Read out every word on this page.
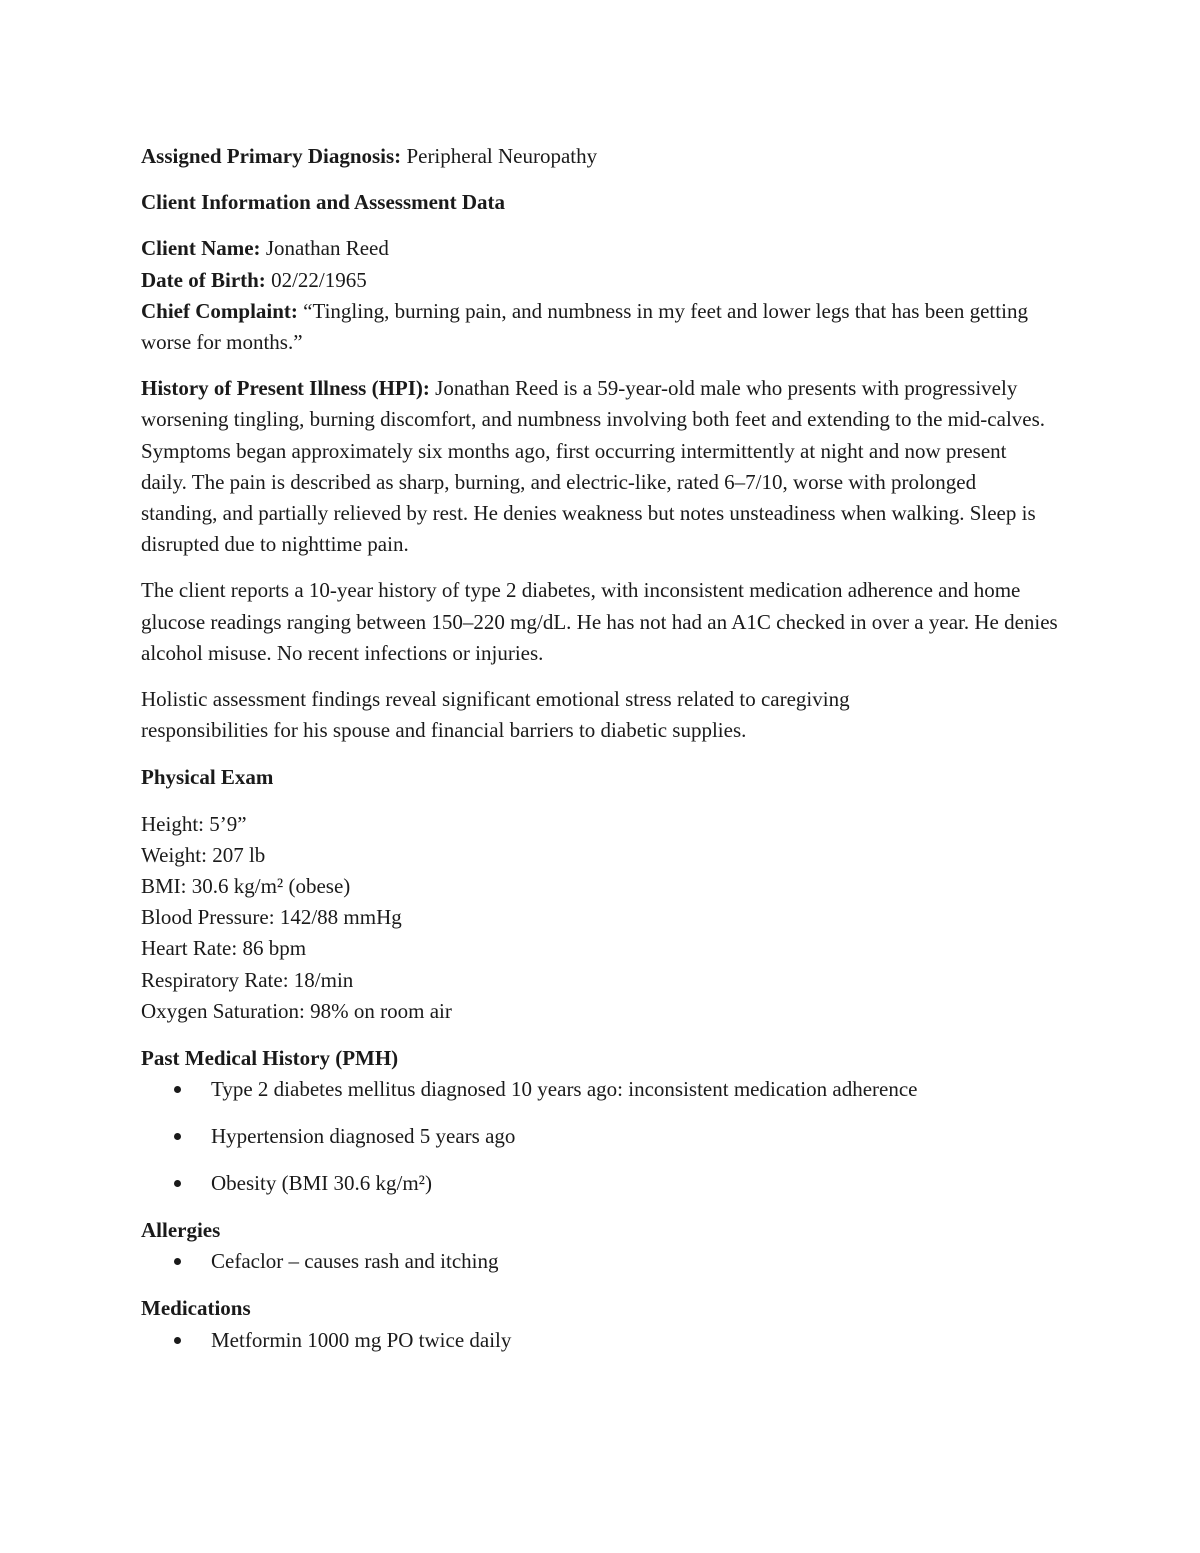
Assigned Primary Diagnosis: Peripheral Neuropathy

Client Information and Assessment Data

Client Name: Jonathan Reed

Date of Birth: 02/22/1965

Chief Complaint: “Tingling, burning pain, and numbness in my feet and lower legs that has been getting worse for months.”

History of Present Illness (HPI): Jonathan Reed is a 59-year-old male who presents with progressively worsening tingling, burning discomfort, and numbness involving both feet and extending to the mid-calves. Symptoms began approximately six months ago, first occurring intermittently at night and now present daily. The pain is described as sharp, burning, and electric-like, rated 6–7/10, worse with prolonged standing, and partially relieved by rest. He denies weakness but notes unsteadiness when walking. Sleep is disrupted due to nighttime pain.

The client reports a 10-year history of type 2 diabetes, with inconsistent medication adherence and home glucose readings ranging between 150–220 mg/dL. He has not had an A1C checked in over a year. He denies alcohol misuse. No recent infections or injuries.

Holistic assessment findings reveal significant emotional stress related to caregiving responsibilities for his spouse and financial barriers to diabetic supplies.

Physical Exam

Height: 5’9”
Weight: 207 lb
BMI: 30.6 kg/m² (obese)
Blood Pressure: 142/88 mmHg
Heart Rate: 86 bpm
Respiratory Rate: 18/min
Oxygen Saturation: 98% on room air

Past Medical History (PMH)

Type 2 diabetes mellitus diagnosed 10 years ago: inconsistent medication adherence
Hypertension diagnosed 5 years ago
Obesity (BMI 30.6 kg/m²)

Allergies

Cefaclor – causes rash and itching

Medications

Metformin 1000 mg PO twice daily
